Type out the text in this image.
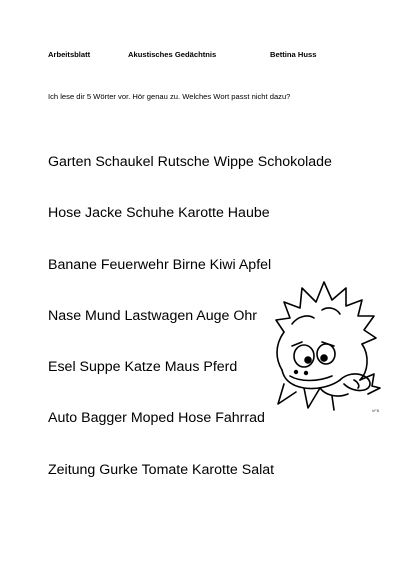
Arbeitsblatt	Akustisches Gedächtnis	Bettina Huss
Ich lese dir 5 Wörter vor. Hör genau zu. Welches Wort passt nicht dazu?
Garten Schaukel Rutsche Wippe Schokolade
Hose Jacke Schuhe Karotte Haube
Banane Feuerwehr Birne Kiwi Apfel
Nase Mund Lastwagen Auge Ohr
Esel Suppe Katze Maus Pferd
Auto Bagger Moped Hose Fahrrad
Zeitung Gurke Tomate Karotte Salat
hFB
